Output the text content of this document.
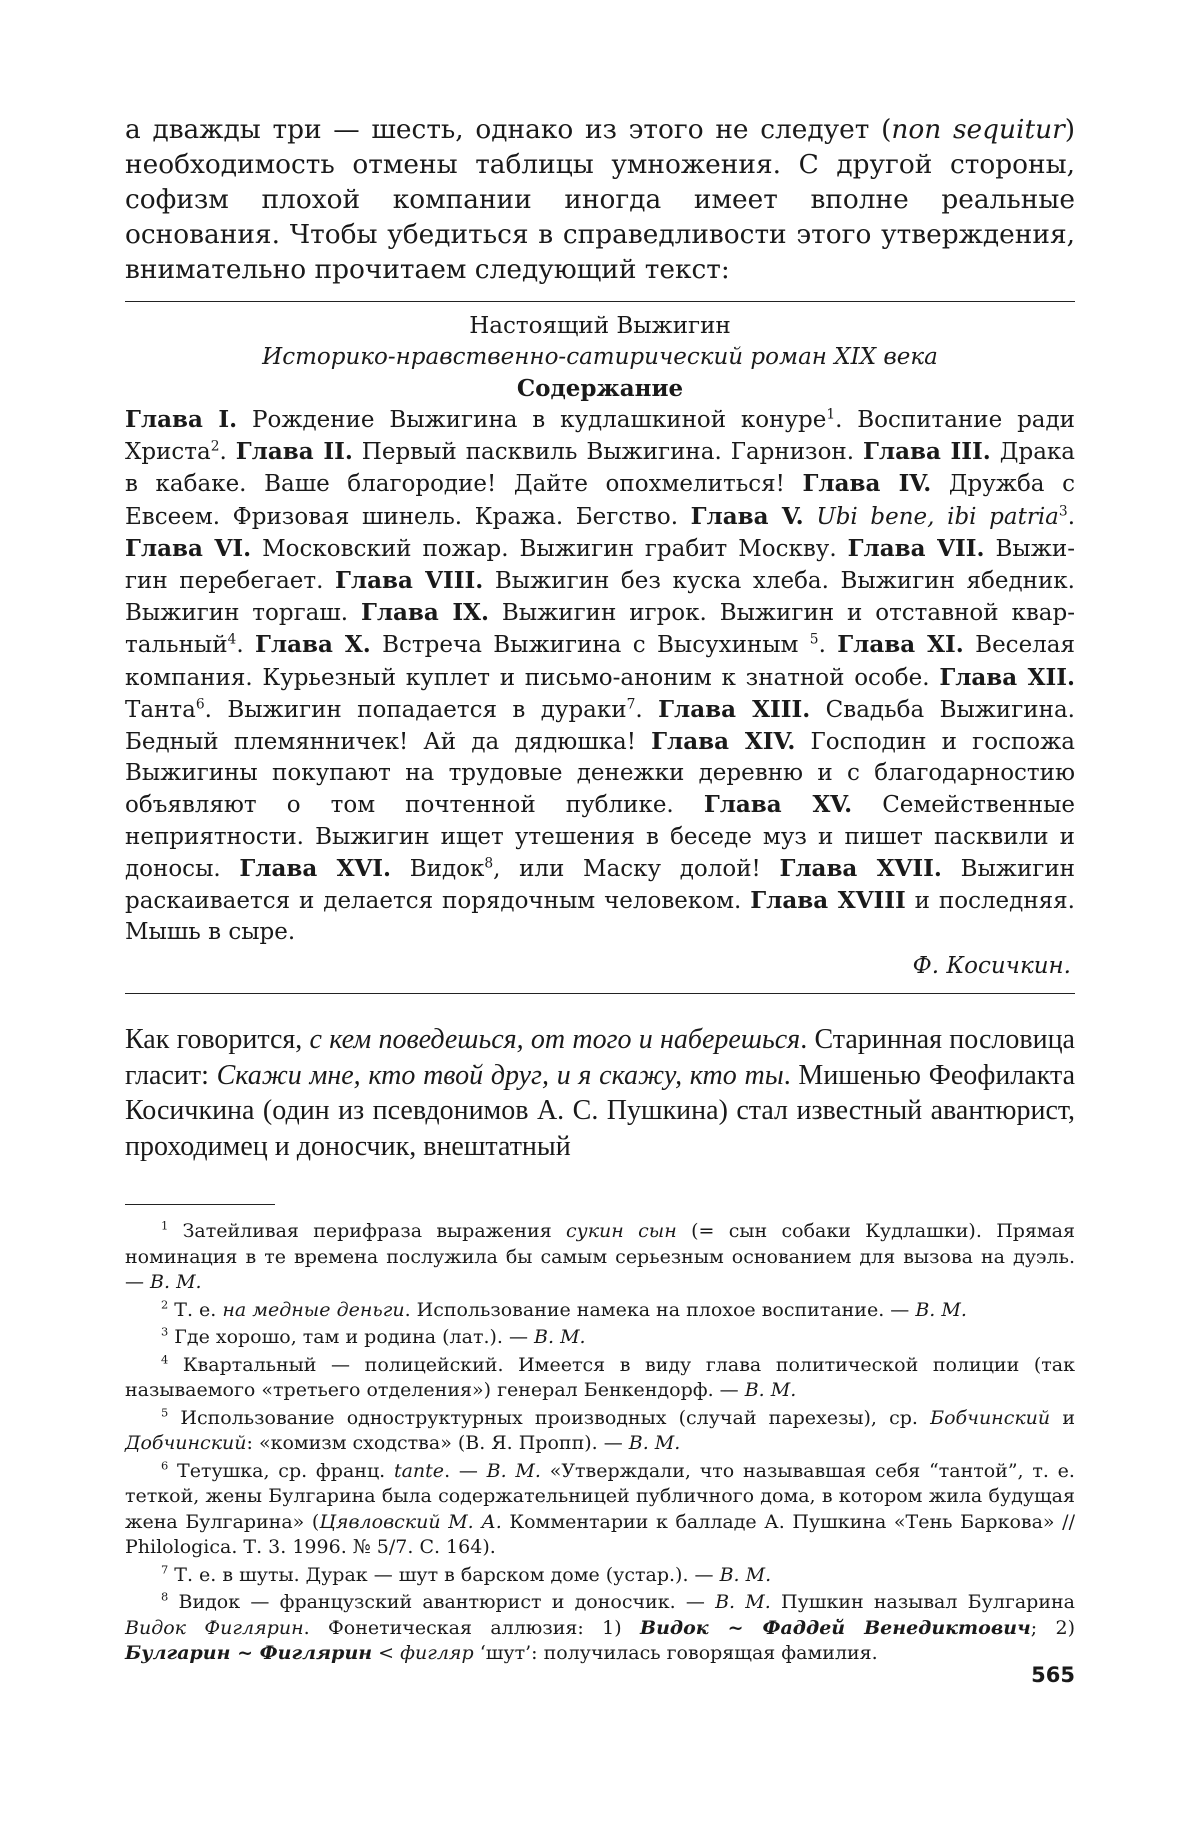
а дважды три — шесть, однако из этого не следует (non sequitur) необходимость отмены таблицы умножения. С другой стороны, софизм плохой компании иногда имеет вполне реальные основания. Чтобы убедиться в справедливости этого утверждения, внимательно прочитаем следующий текст:

Настоящий Выжигин
Историко-нравственно-сатирический роман XIX века
Содержание

Глава I. Рождение Выжигина в кудлашкиной конуре$^1$. Воспитание ради Христа$^2$. Глава II. Первый пасквиль Выжигина. Гарнизон. Глава III. Драка в кабаке. Ваше благородие! Дайте опохмелиться! Глава IV. Дружба с Евсеем. Фризовая шинель. Кража. Бегство. Глава V. Ubi bene, ibi patria$^3$. Глава VI. Московский пожар. Выжигин грабит Москву. Глава VII. Выжигин перебегает. Глава VIII. Выжигин без куска хлеба. Выжигин ябедник. Выжигин торгаш. Глава IX. Выжигин игрок. Выжигин и отставной квартальный$^4$. Глава X. Встреча Выжигина с Высухиным $^5$. Глава XI. Веселая компания. Курьезный куплет и письмо-аноним к знатной особе. Глава XII. Танта$^6$. Выжигин попадается в дураки$^7$. Глава XIII. Свадьба Выжигина. Бедный племянничек! Ай да дядюшка! Глава XIV. Господин и госпожа Выжигины покупают на трудовые денежки деревню и с благодарностию объявляют о том почтенной публике. Глава XV. Семейственные неприятности. Выжигин ищет утешения в беседе муз и пишет пасквили и доносы. Глава XVI. Видок$^8$, или Маску долой! Глава XVII. Выжигин раскаивается и делается порядочным человеком. Глава XVIII и последняя. Мышь в сыре.

Ф. Косичкин.

Как говорится, с кем поведешься, от того и наберешься. Старинная пословица гласит: Скажи мне, кто твой друг, и я скажу, кто ты. Мишенью Феофилакта Косичкина (один из псевдонимов А. С. Пушкина) стал известный авантюрист, проходимец и доносчик, внештатный

$^1$ Затейливая перифраза выражения сукин сын (= сын собаки Кудлашки). Прямая номинация в те времена послужила бы самым серьезным основанием для вызова на дуэль. — В. М.

$^2$ Т. е. на медные деньги. Использование намека на плохое воспитание. — В. М.

$^3$ Где хорошо, там и родина (лат.). — В. М.

$^4$ Квартальный — полицейский. Имеется в виду глава политической полиции (так называемого «третьего отделения») генерал Бенкендорф. — В. М.

$^5$ Использование одноструктурных производных (случай парехезы), ср. Бобчинский и Добчинский: «комизм сходства» (В. Я. Пропп). — В. М.

$^6$ Тетушка, ср. франц. tante. — В. М. «Утверждали, что называвшая себя “тантой”, т. е. теткой, жены Булгарина была содержательницей публичного дома, в котором жила будущая жена Булгарина» (Цявловский М. А. Комментарии к балладе А. Пушкина «Тень Баркова» // Philologica. Т. 3. 1996. № 5/7. С. 164).

$^7$ Т. е. в шуты. Дурак — шут в барском доме (устар.). — В. М.

$^8$ Видок — французский авантюрист и доносчик. — В. М. Пушкин называл Булгарина Видок Фиглярин. Фонетическая аллюзия: 1) Видок ~ Фаддей Венедиктович; 2) Булгарин ~ Фиглярин < фигляр ‘шут’: получилась говорящая фамилия.

565
